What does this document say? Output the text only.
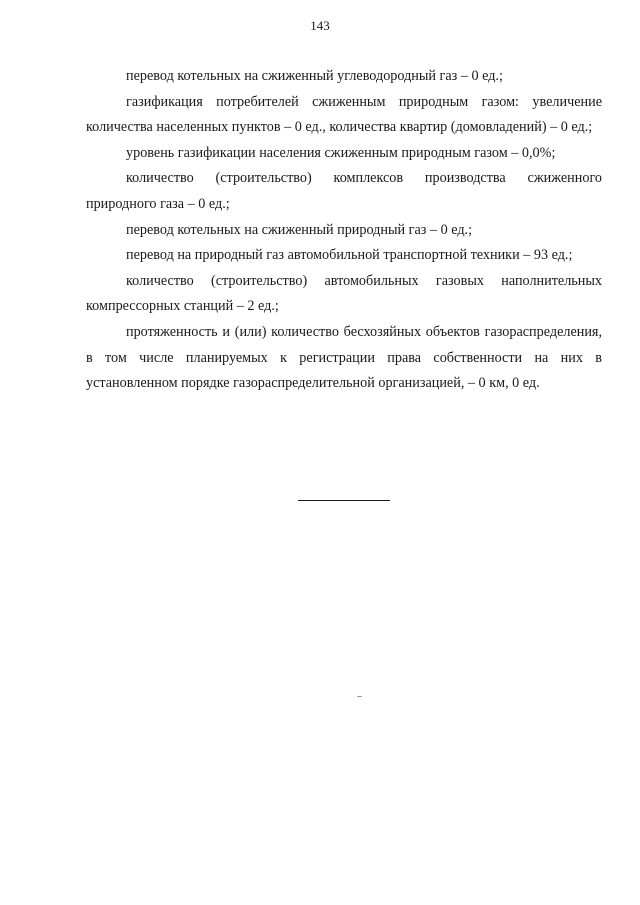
143

перевод котельных на сжиженный углеводородный газ – 0 ед.;

газификация потребителей сжиженным природным газом: увеличение количества населенных пунктов – 0 ед., количества квартир (домовладений) – 0 ед.;

уровень газификации населения сжиженным природным газом – 0,0%;

количество (строительство) комплексов производства сжиженного природного газа – 0 ед.;

перевод котельных на сжиженный природный газ – 0 ед.;

перевод на природный газ автомобильной транспортной техники – 93 ед.;

количество (строительство) автомобильных газовых наполнительных компрессорных станций – 2 ед.;

протяженность и (или) количество бесхозяйных объектов газораспределения, в том числе планируемых к регистрации права собственности на них в установленном порядке газораспределительной организацией, – 0 км, 0 ед.
